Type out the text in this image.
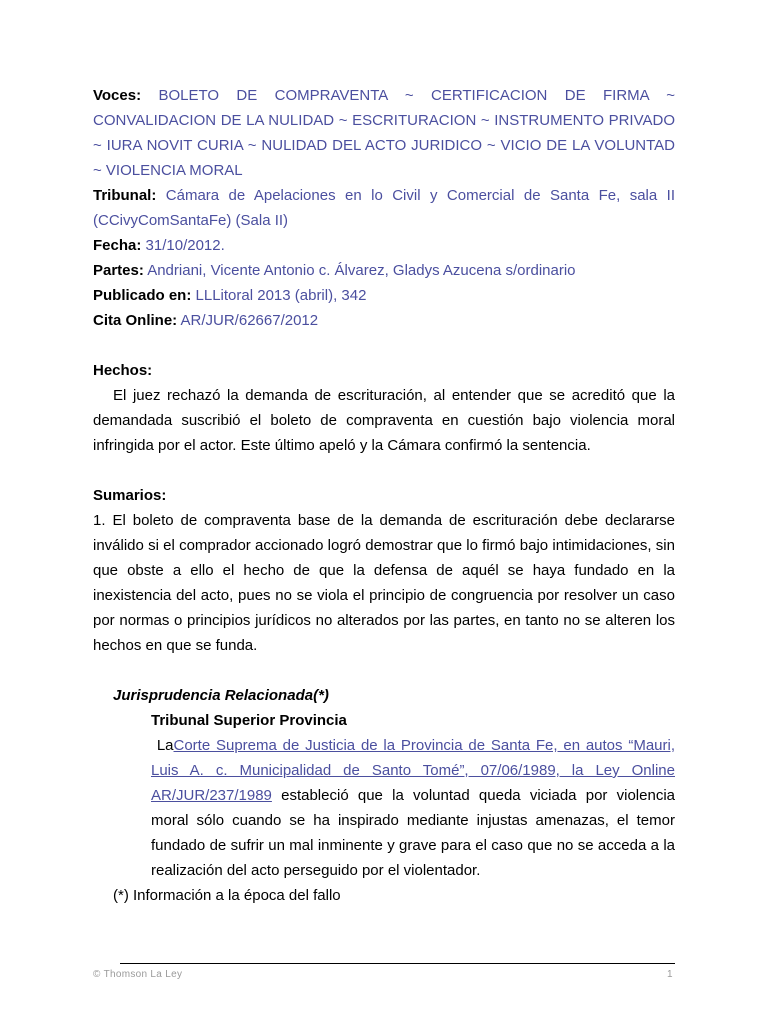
Voces: BOLETO DE COMPRAVENTA ~ CERTIFICACION DE FIRMA ~ CONVALIDACION DE LA NULIDAD ~ ESCRITURACION ~ INSTRUMENTO PRIVADO ~ IURA NOVIT CURIA ~ NULIDAD DEL ACTO JURIDICO ~ VICIO DE LA VOLUNTAD ~ VIOLENCIA MORAL

Tribunal: Cámara de Apelaciones en lo Civil y Comercial de Santa Fe, sala II (CCivyComSantaFe) (Sala II)

Fecha: 31/10/2012.

Partes: Andriani, Vicente Antonio c. Álvarez, Gladys Azucena s/ordinario

Publicado en: LLLitoral 2013 (abril), 342

Cita Online: AR/JUR/62667/2012

Hechos:

El juez rechazó la demanda de escrituración, al entender que se acreditó que la demandada suscribió el boleto de compraventa en cuestión bajo violencia moral infringida por el actor. Este último apeló y la Cámara confirmó la sentencia.

Sumarios:

1. El boleto de compraventa base de la demanda de escrituración debe declararse inválido si el comprador accionado logró demostrar que lo firmó bajo intimidaciones, sin que obste a ello el hecho de que la defensa de aquél se haya fundado en la inexistencia del acto, pues no se viola el principio de congruencia por resolver un caso por normas o principios jurídicos no alterados por las partes, en tanto no se alteren los hechos en que se funda.

Jurisprudencia Relacionada(*)

Tribunal Superior Provincia

LaCorte Suprema de Justicia de la Provincia de Santa Fe, en autos “Mauri, Luis A. c. Municipalidad de Santo Tomé”, 07/06/1989, la Ley Online AR/JUR/237/1989 estableció que la voluntad queda viciada por violencia moral sólo cuando se ha inspirado mediante injustas amenazas, el temor fundado de sufrir un mal inminente y grave para el caso que no se acceda a la realización del acto perseguido por el violentador.

(*) Información a la época del fallo

© Thomson La Ley	1
